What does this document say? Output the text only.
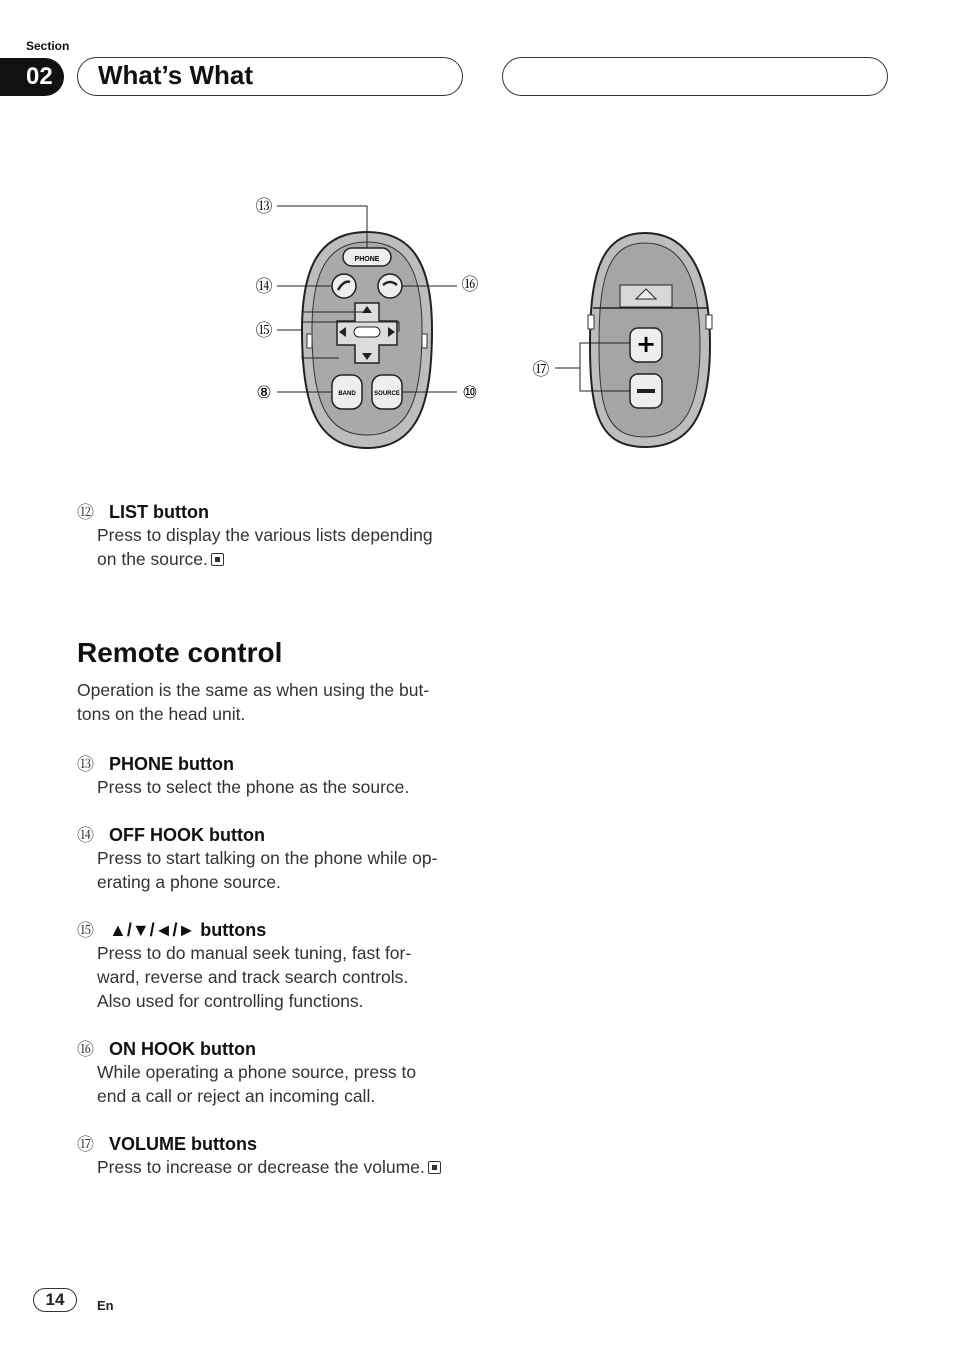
Section
02	What’s What
PHONE
BAND	SOURCE
⑬
⑭
⑮
⑧
⑯
⑩
+
⑰
⑫ LIST button
Press to display the various lists depending
on the source.
Remote control
Operation is the same as when using the but-
tons on the head unit.
⑬ PHONE button
Press to select the phone as the source.
⑭ OFF HOOK button
Press to start talking on the phone while op-
erating a phone source.
⑮ ▲/▼/◄/► buttons
Press to do manual seek tuning, fast for-
ward, reverse and track search controls.
Also used for controlling functions.
⑯ ON HOOK button
While operating a phone source, press to
end a call or reject an incoming call.
⑰ VOLUME buttons
Press to increase or decrease the volume.
14	En
